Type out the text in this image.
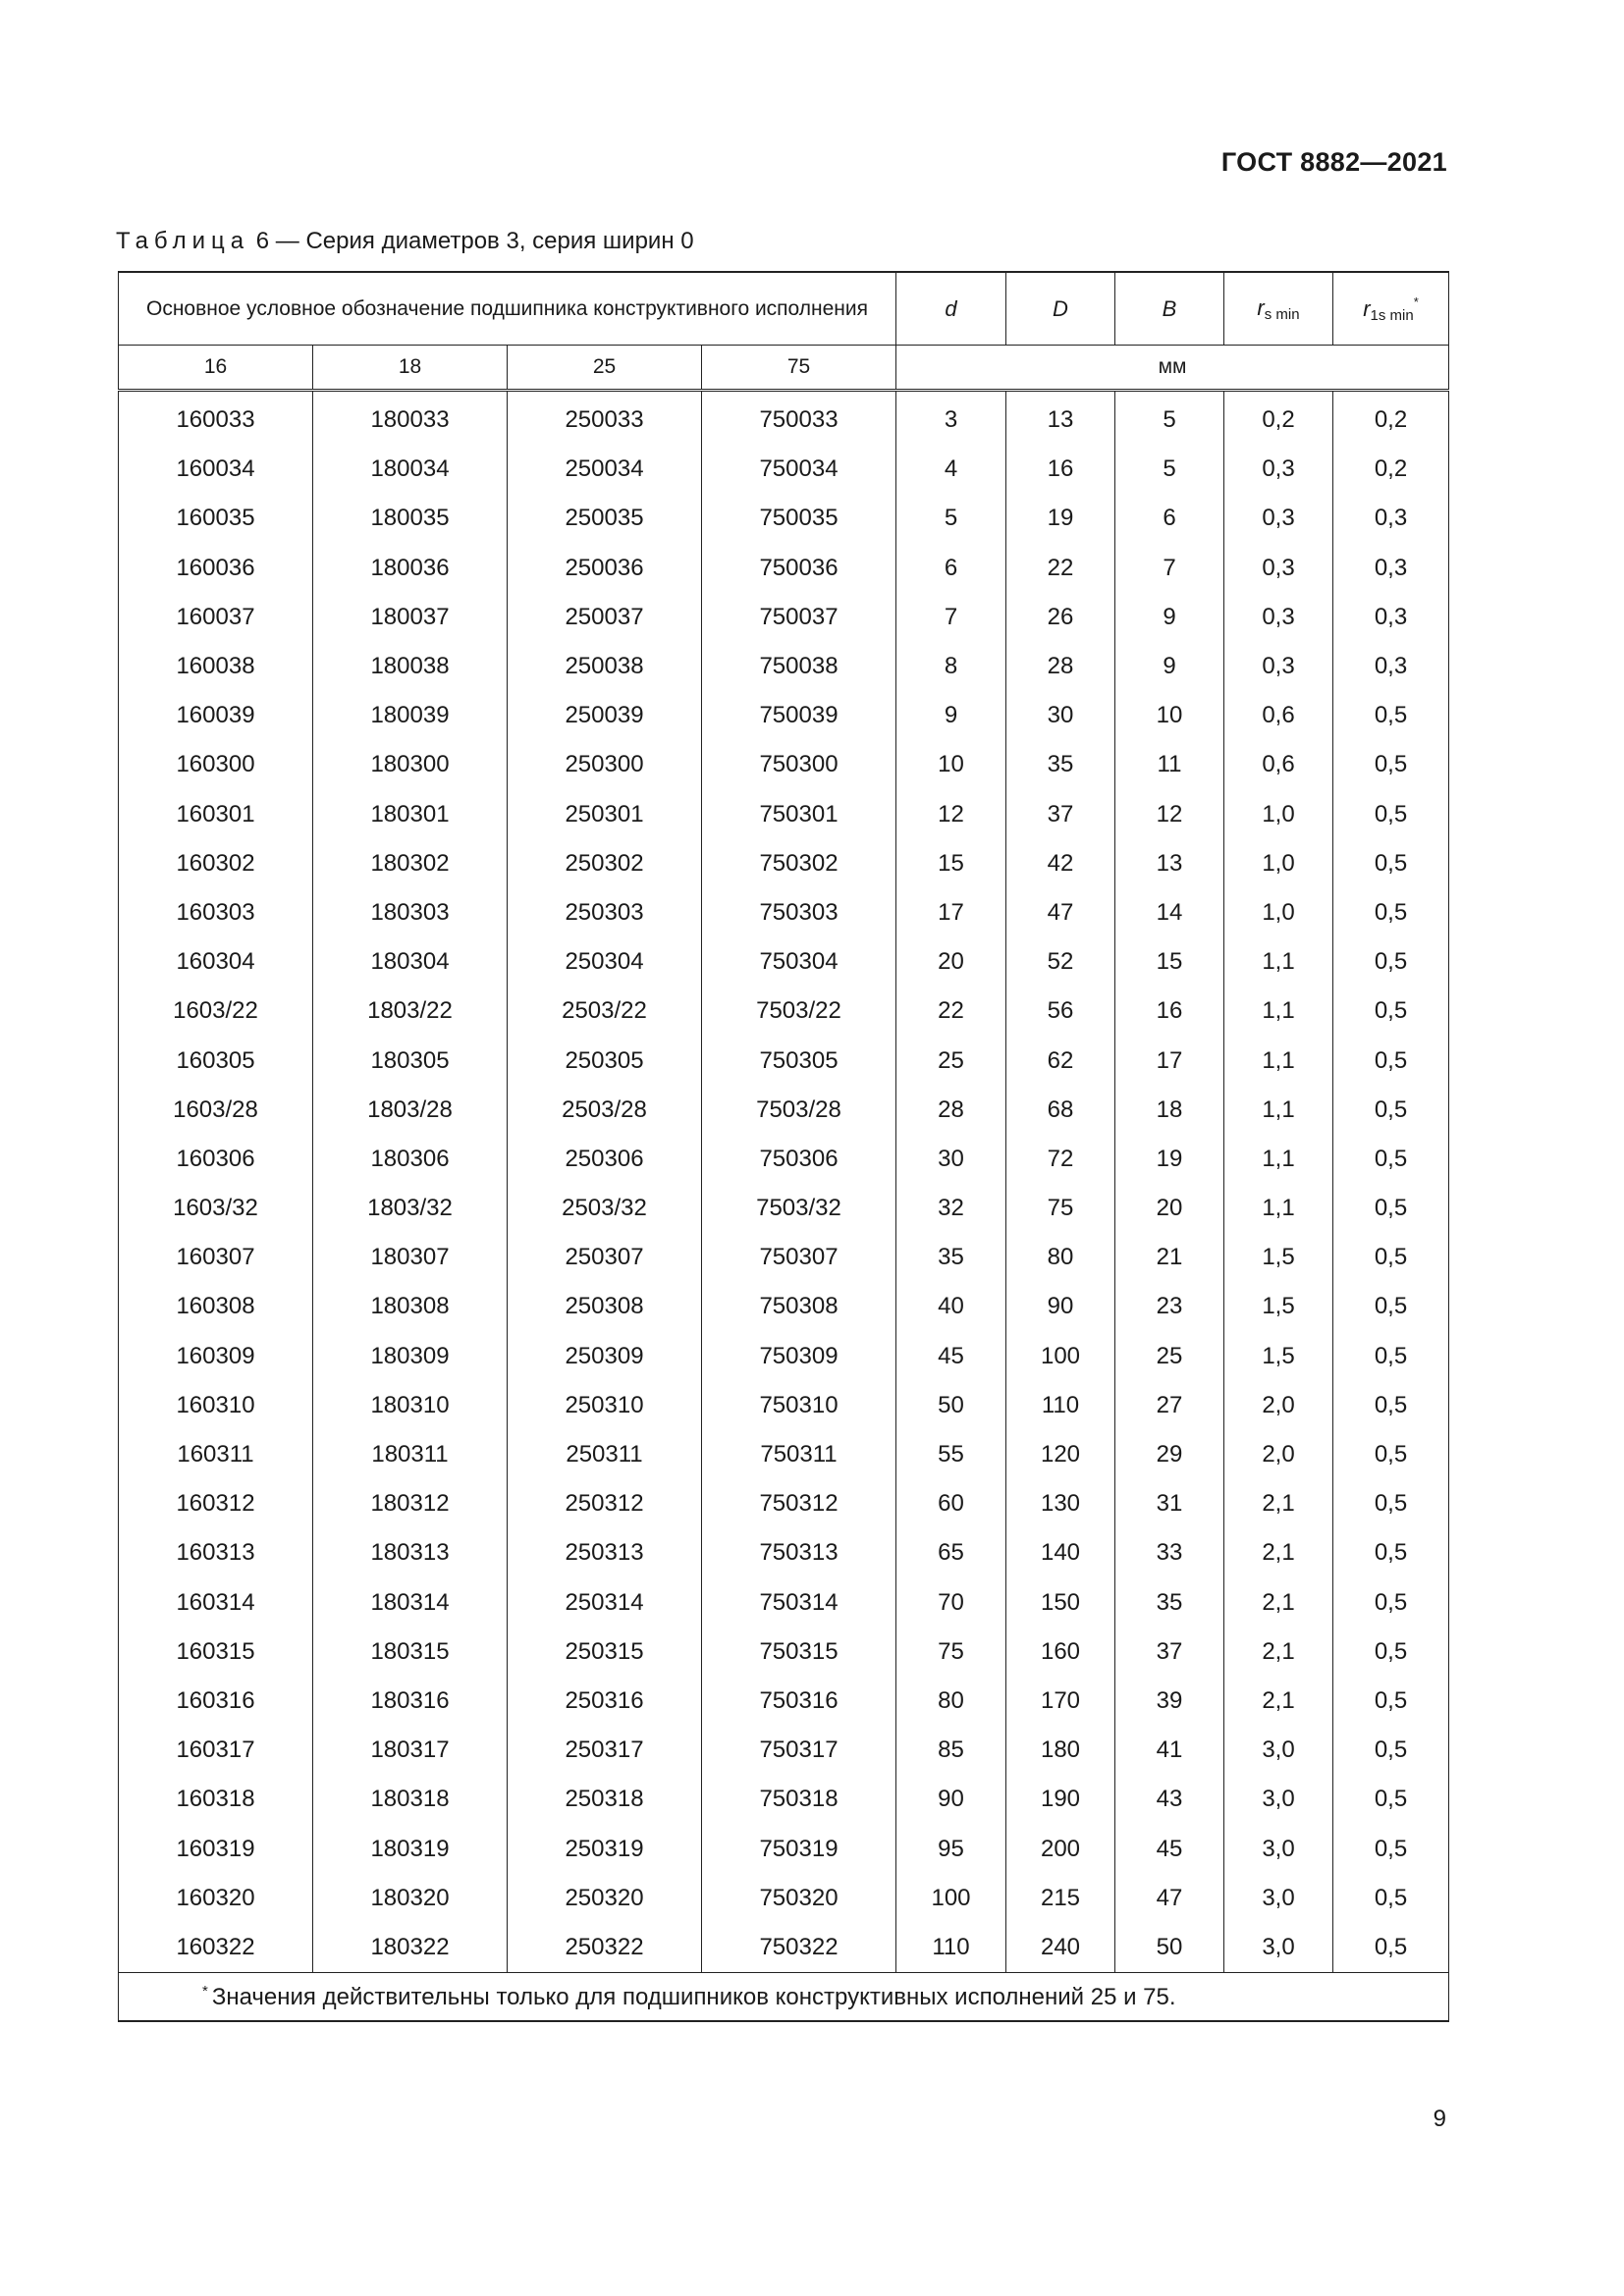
ГОСТ 8882—2021
Таблица 6 — Серия диаметров 3, серия ширин 0
Основное условное обозначение подшипника конструктивного исполнения				d	D	B	$r_{s min}$	$r_{1s min}^*$
16	18	25	75	мм				
160033	180033	250033	750033	3	13	5	0,2	0,2
160034	180034	250034	750034	4	16	5	0,3	0,2
160035	180035	250035	750035	5	19	6	0,3	0,3
160036	180036	250036	750036	6	22	7	0,3	0,3
160037	180037	250037	750037	7	26	9	0,3	0,3
160038	180038	250038	750038	8	28	9	0,3	0,3
160039	180039	250039	750039	9	30	10	0,6	0,5
160300	180300	250300	750300	10	35	11	0,6	0,5
160301	180301	250301	750301	12	37	12	1,0	0,5
160302	180302	250302	750302	15	42	13	1,0	0,5
160303	180303	250303	750303	17	47	14	1,0	0,5
160304	180304	250304	750304	20	52	15	1,1	0,5
1603/22	1803/22	2503/22	7503/22	22	56	16	1,1	0,5
160305	180305	250305	750305	25	62	17	1,1	0,5
1603/28	1803/28	2503/28	7503/28	28	68	18	1,1	0,5
160306	180306	250306	750306	30	72	19	1,1	0,5
1603/32	1803/32	2503/32	7503/32	32	75	20	1,1	0,5
160307	180307	250307	750307	35	80	21	1,5	0,5
160308	180308	250308	750308	40	90	23	1,5	0,5
160309	180309	250309	750309	45	100	25	1,5	0,5
160310	180310	250310	750310	50	110	27	2,0	0,5
160311	180311	250311	750311	55	120	29	2,0	0,5
160312	180312	250312	750312	60	130	31	2,1	0,5
160313	180313	250313	750313	65	140	33	2,1	0,5
160314	180314	250314	750314	70	150	35	2,1	0,5
160315	180315	250315	750315	75	160	37	2,1	0,5
160316	180316	250316	750316	80	170	39	2,1	0,5
160317	180317	250317	750317	85	180	41	3,0	0,5
160318	180318	250318	750318	90	190	43	3,0	0,5
160319	180319	250319	750319	95	200	45	3,0	0,5
160320	180320	250320	750320	100	215	47	3,0	0,5
160322	180322	250322	750322	110	240	50	3,0	0,5
* Значения действительны только для подшипников конструктивных исполнений 25 и 75.								
9
